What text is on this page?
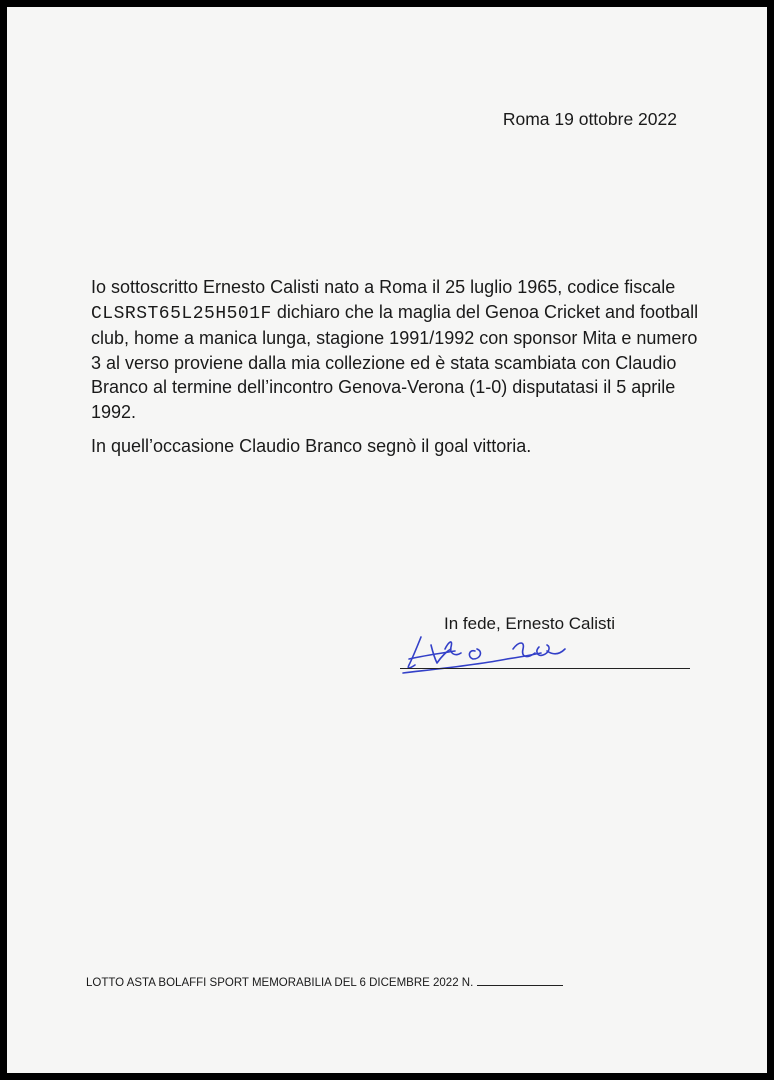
Roma 19 ottobre 2022

Io sottoscritto Ernesto Calisti nato a Roma il 25 luglio 1965, codice fiscale CLSRST65L25H501F dichiaro che la maglia del Genoa Cricket and football club, home a manica lunga, stagione 1991/1992 con sponsor Mita e numero 3 al verso proviene dalla mia collezione ed è stata scambiata con Claudio Branco al termine dell’incontro Genova-Verona (1-0) disputatasi il 5 aprile 1992.

In quell’occasione Claudio Branco segnò il goal vittoria.

In fede, Ernesto Calisti
LOTTO ASTA BOLAFFI SPORT MEMORABILIA DEL 6 DICEMBRE 2022 N.
